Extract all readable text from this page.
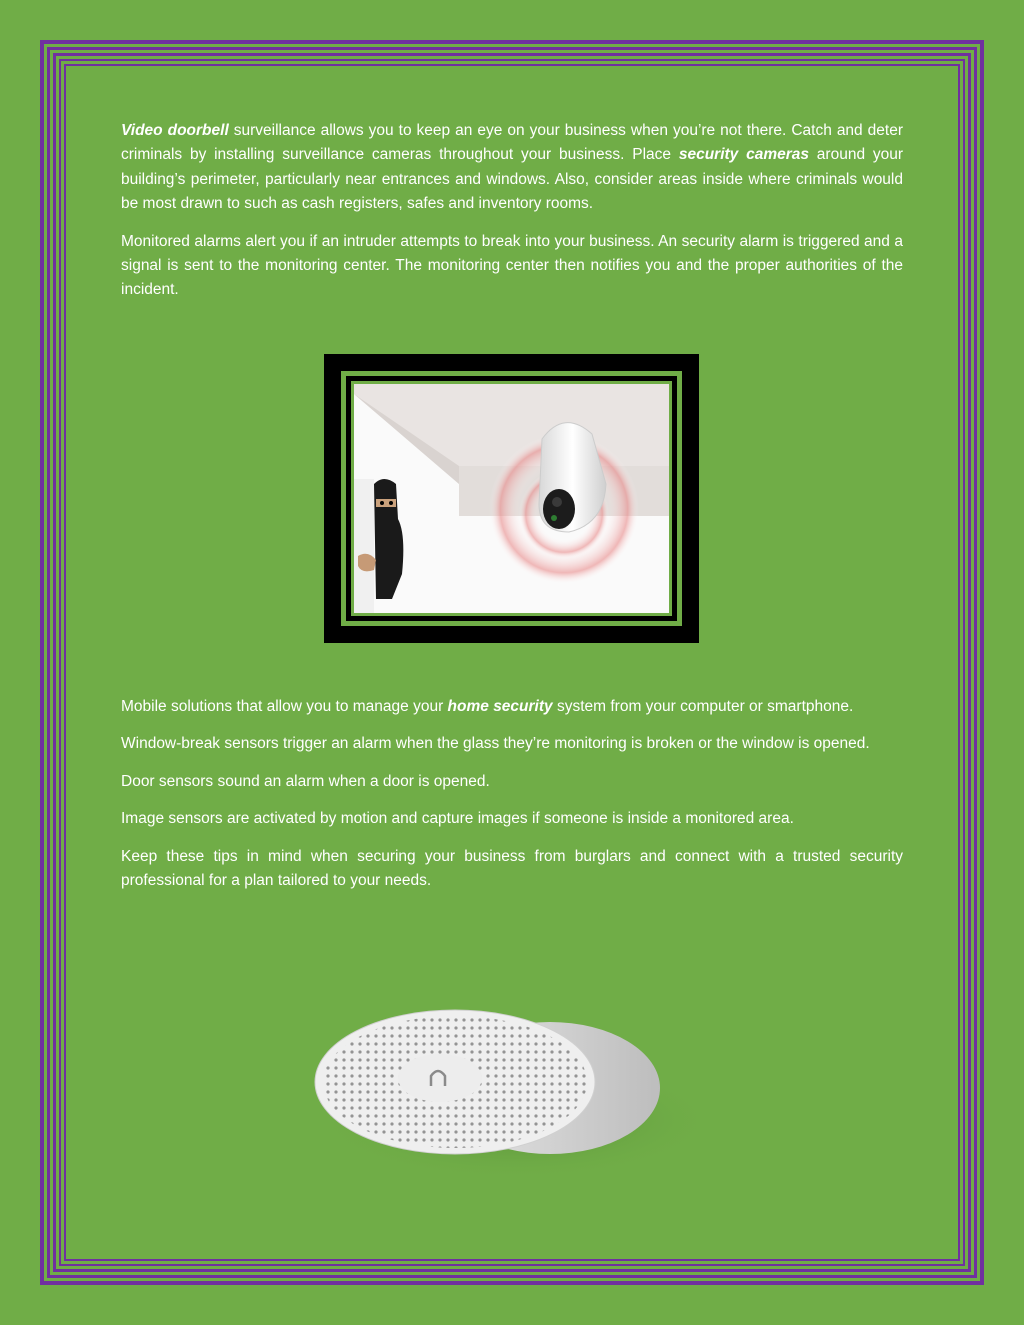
Video doorbell surveillance allows you to keep an eye on your business when you’re not there. Catch and deter criminals by installing surveillance cameras throughout your business. Place security cameras around your building’s perimeter, particularly near entrances and windows. Also, consider areas inside where criminals would be most drawn to such as cash registers, safes and inventory rooms.

Monitored alarms alert you if an intruder attempts to break into your business. An security alarm is triggered and a signal is sent to the monitoring center. The monitoring center then notifies you and the proper authorities of the incident.

Mobile solutions that allow you to manage your home security system from your computer or smartphone.

Window-break sensors trigger an alarm when the glass they’re monitoring is broken or the window is opened.

Door sensors sound an alarm when a door is opened.

Image sensors are activated by motion and capture images if someone is inside a monitored area.

Keep these tips in mind when securing your business from burglars and connect with a trusted security professional for a plan tailored to your needs.
